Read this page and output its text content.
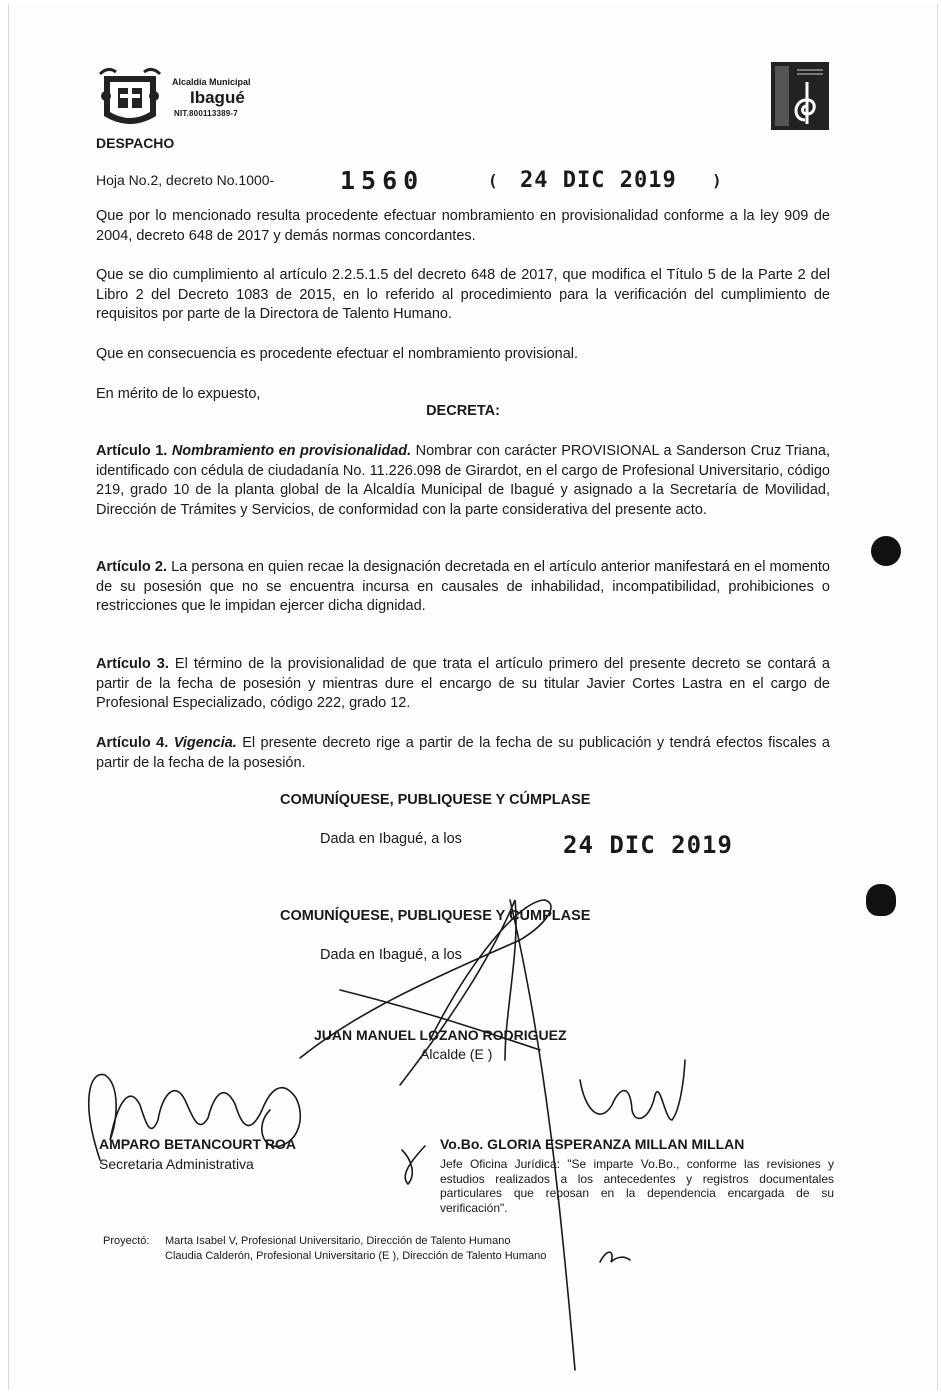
Alcaldía Municipal
Ibagué
NIT.800113389-7
DESPACHO
Hoja No.2, decreto No.1000-	1560	( 24 DIC 2019 )

Que por lo mencionado resulta procedente efectuar nombramiento en provisionalidad conforme a la ley 909 de 2004, decreto 648 de 2017 y demás normas concordantes.

Que se dio cumplimiento al artículo 2.2.5.1.5 del decreto 648 de 2017, que modifica el Título 5 de la Parte 2 del Libro 2 del Decreto 1083 de 2015, en lo referido al procedimiento para la verificación del cumplimiento de requisitos por parte de la Directora de Talento Humano.

Que en consecuencia es procedente efectuar el nombramiento provisional.

En mérito de lo expuesto,

DECRETA:

Artículo 1. Nombramiento en provisionalidad. Nombrar con carácter PROVISIONAL a Sanderson Cruz Triana, identificado con cédula de ciudadanía No. 11.226.098 de Girardot, en el cargo de Profesional Universitario, código 219, grado 10 de la planta global de la Alcaldía Municipal de Ibagué y asignado a la Secretaría de Movilidad, Dirección de Trámites y Servicios, de conformidad con la parte considerativa del presente acto.

Artículo 2. La persona en quien recae la designación decretada en el artículo anterior manifestará en el momento de su posesión que no se encuentra incursa en causales de inhabilidad, incompatibilidad, prohibiciones o restricciones que le impidan ejercer dicha dignidad.

Artículo 3. El término de la provisionalidad de que trata el artículo primero del presente decreto se contará a partir de la fecha de posesión y mientras dure el encargo de su titular Javier Cortes Lastra en el cargo de Profesional Especializado, código 222, grado 12.

Artículo 4. Vigencia. El presente decreto rige a partir de la fecha de su publicación y tendrá efectos fiscales a partir de la fecha de la posesión.

COMUNÍQUESE, PUBLIQUESE Y CÚMPLASE
Dada en Ibagué, a los	24 DIC 2019
COMUNÍQUESE, PUBLIQUESE Y CÚMPLASE
Dada en Ibagué, a los
JUAN MANUEL LOZANO RODRIGUEZ
Alcalde (E )
AMPARO BETANCOURT ROA
Secretaria Administrativa
Vo.Bo. GLORIA ESPERANZA MILLAN MILLAN
Jefe Oficina Jurídica: "Se imparte Vo.Bo., conforme las revisiones y estudios realizados a los antecedentes y registros documentales particulares que reposan en la dependencia encargada de su verificación".
Proyectó: Marta Isabel V, Profesional Universitario, Dirección de Talento Humano
Claudia Calderón, Profesional Universitario (E ), Dirección de Talento Humano
